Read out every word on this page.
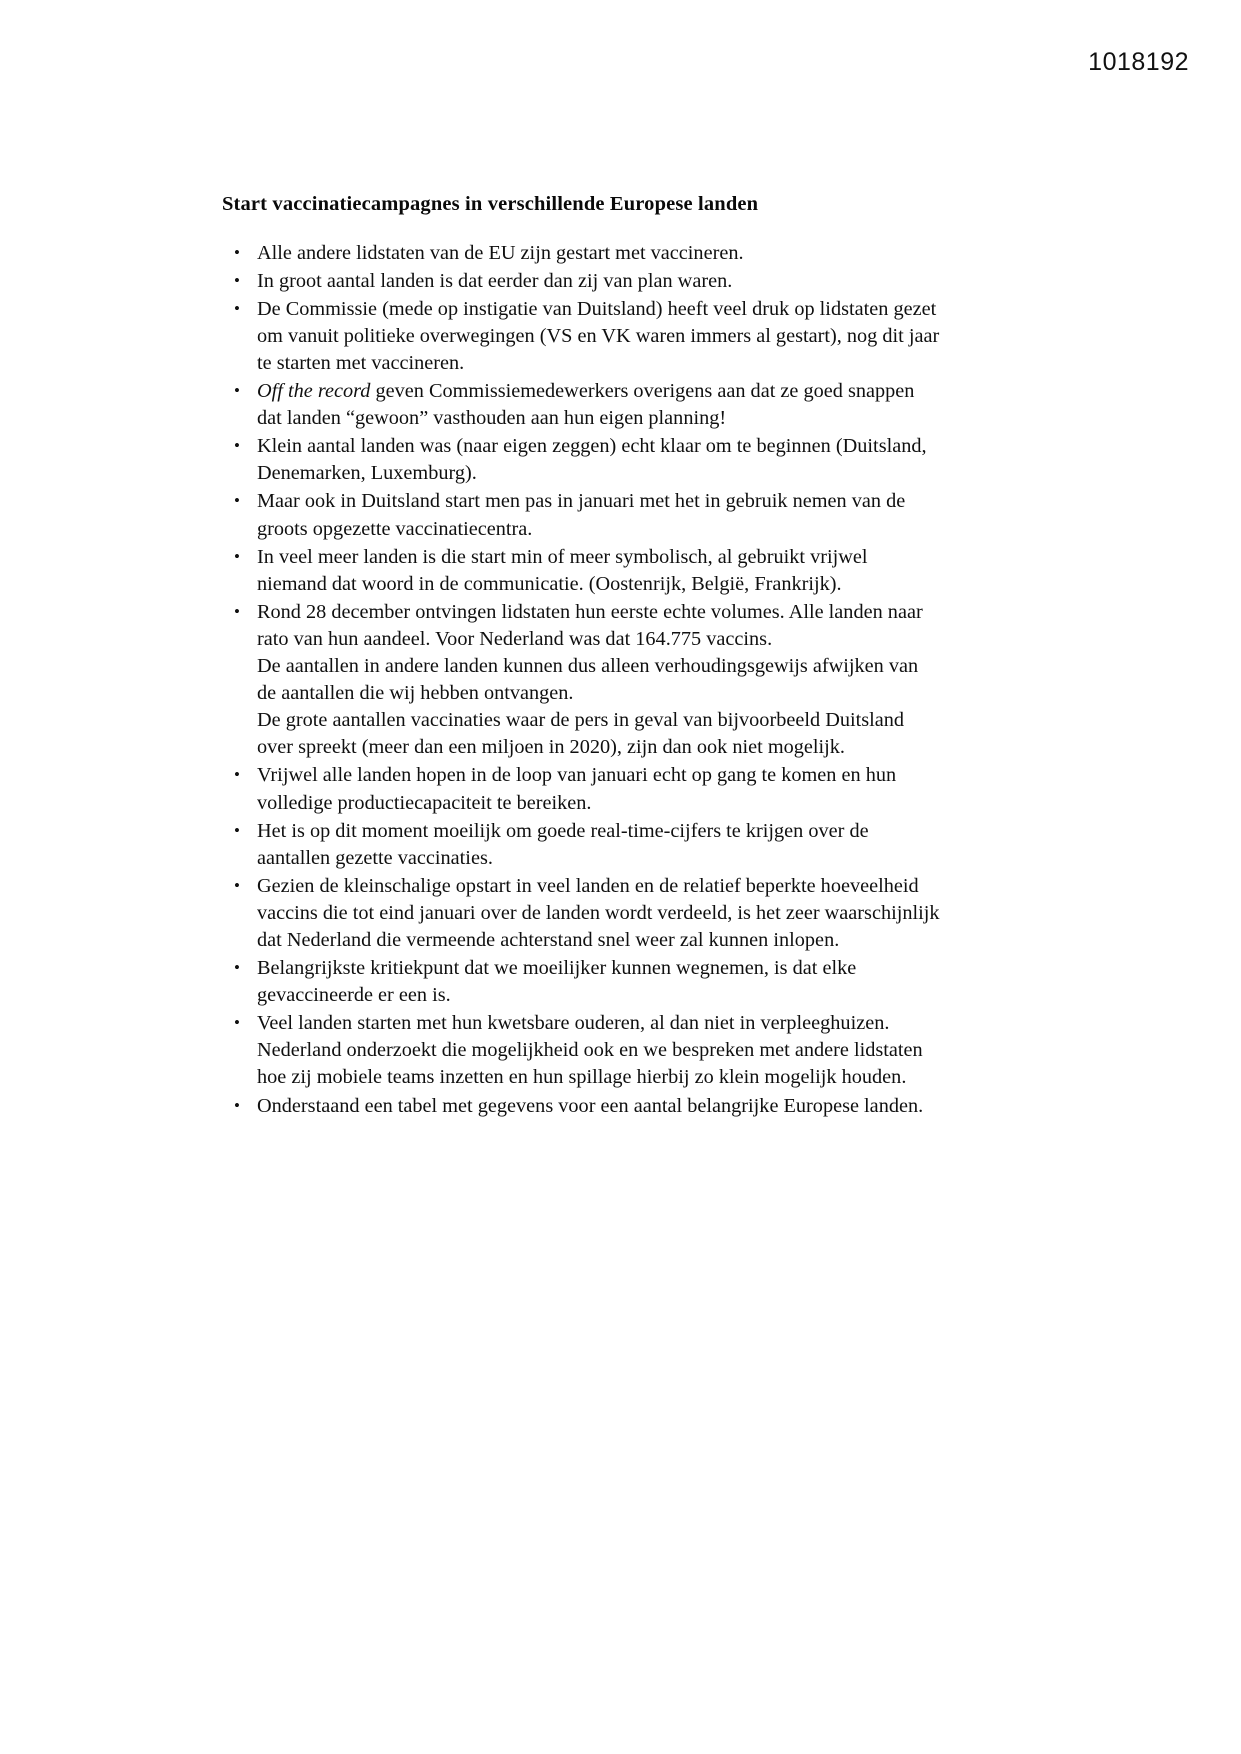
1018192
Start vaccinatiecampagnes in verschillende Europese landen
• Alle andere lidstaten van de EU zijn gestart met vaccineren.
• In groot aantal landen is dat eerder dan zij van plan waren.
• De Commissie (mede op instigatie van Duitsland) heeft veel druk op lidstaten gezet om vanuit politieke overwegingen (VS en VK waren immers al gestart), nog dit jaar te starten met vaccineren.
• Off the record geven Commissiemedewerkers overigens aan dat ze goed snappen dat landen “gewoon” vasthouden aan hun eigen planning!
• Klein aantal landen was (naar eigen zeggen) echt klaar om te beginnen (Duitsland, Denemarken, Luxemburg).
• Maar ook in Duitsland start men pas in januari met het in gebruik nemen van de groots opgezette vaccinatiecentra.
• In veel meer landen is die start min of meer symbolisch, al gebruikt vrijwel niemand dat woord in de communicatie. (Oostenrijk, België, Frankrijk).
• Rond 28 december ontvingen lidstaten hun eerste echte volumes. Alle landen naar rato van hun aandeel. Voor Nederland was dat 164.775 vaccins.
De aantallen in andere landen kunnen dus alleen verhoudingsgewijs afwijken van de aantallen die wij hebben ontvangen.
De grote aantallen vaccinaties waar de pers in geval van bijvoorbeeld Duitsland over spreekt (meer dan een miljoen in 2020), zijn dan ook niet mogelijk.
• Vrijwel alle landen hopen in de loop van januari echt op gang te komen en hun volledige productiecapaciteit te bereiken.
• Het is op dit moment moeilijk om goede real-time-cijfers te krijgen over de aantallen gezette vaccinaties.
• Gezien de kleinschalige opstart in veel landen en de relatief beperkte hoeveelheid vaccins die tot eind januari over de landen wordt verdeeld, is het zeer waarschijnlijk dat Nederland die vermeende achterstand snel weer zal kunnen inlopen.
• Belangrijkste kritiekpunt dat we moeilijker kunnen wegnemen, is dat elke gevaccineerde er een is.
• Veel landen starten met hun kwetsbare ouderen, al dan niet in verpleeghuizen. Nederland onderzoekt die mogelijkheid ook en we bespreken met andere lidstaten hoe zij mobiele teams inzetten en hun spillage hierbij zo klein mogelijk houden.
• Onderstaand een tabel met gegevens voor een aantal belangrijke Europese landen.
